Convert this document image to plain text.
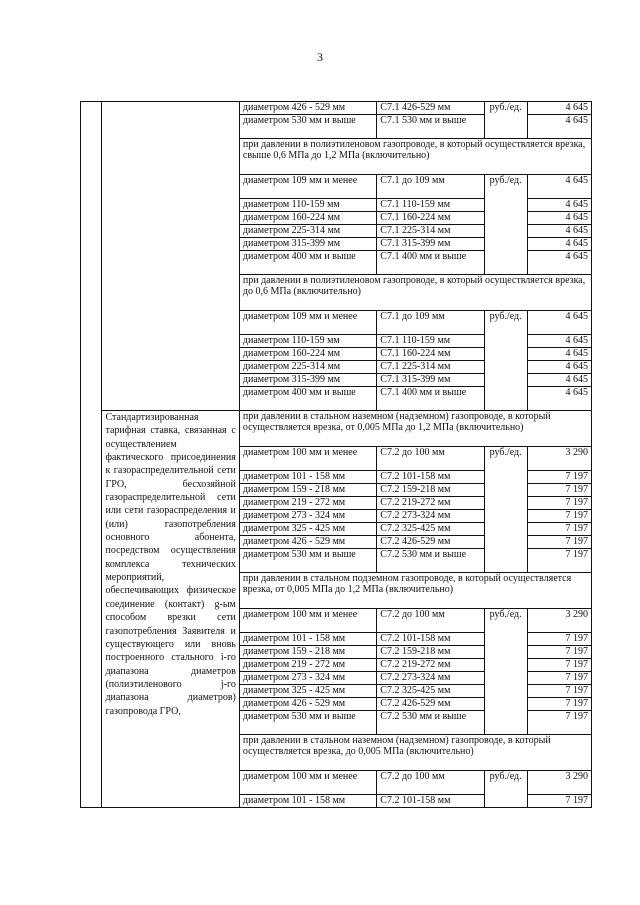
3
		диаметром 426 - 529 мм	С7.1 426-529 мм	руб./ед.	4 645
		диаметром 530 мм и выше	С7.1 530 мм и выше		4 645
		при давлении в полиэтиленовом газопроводе, в который осуществляется врезка, свыше 0,6 МПа до 1,2 МПа (включительно)			
		диаметром 109 мм и менее	С7.1 до 109 мм	руб./ед.	4 645
		диаметром 110-159 мм	С7.1 110-159 мм		4 645
		диаметром 160-224 мм	С7.1 160-224 мм		4 645
		диаметром 225-314 мм	С7.1 225-314 мм		4 645
		диаметром 315-399 мм	С7.1 315-399 мм		4 645
		диаметром 400 мм и выше	С7.1 400 мм и выше		4 645
		при давлении в полиэтиленовом газопроводе, в который осуществляется врезка, до 0,6 МПа (включительно)			
		диаметром 109 мм и менее	С7.1 до 109 мм	руб./ед.	4 645
		диаметром 110-159 мм	С7.1 110-159 мм		4 645
		диаметром 160-224 мм	С7.1 160-224 мм		4 645
		диаметром 225-314 мм	С7.1 225-314 мм		4 645
		диаметром 315-399 мм	С7.1 315-399 мм		4 645
		диаметром 400 мм и выше	С7.1 400 мм и выше		4 645
	Стандартизированная тарифная ставка, связанная с осуществлением фактического присоединения к газораспределительной сети ГРО, бесхозяйной газораспределительной сети или сети газораспределения и (или) газопотребления основного абонента, посредством осуществления комплекса технических мероприятий, обеспечивающих физическое соединение (контакт) g-ым способом врезки сети газопотребления Заявителя и существующего или вновь построенного стального i-го диапазона диаметров (полиэтиленового j-го диапазона диаметров) газопровода ГРО,	при давлении в стальном наземном (надземном) газопроводе, в который осуществляется врезка, от 0,005 МПа до 1,2 МПа (включительно)			
		диаметром 100 мм и менее	С7.2 до 100 мм	руб./ед.	3 290
		диаметром 101 - 158 мм	С7.2 101-158 мм		7 197
		диаметром 159 - 218 мм	С7.2 159-218 мм		7 197
		диаметром 219 - 272 мм	С7.2 219-272 мм		7 197
		диаметром 273 - 324 мм	С7.2 273-324 мм		7 197
		диаметром 325 - 425 мм	С7.2 325-425 мм		7 197
		диаметром 426 - 529 мм	С7.2 426-529 мм		7 197
		диаметром 530 мм и выше	С7.2 530 мм и выше		7 197
		при давлении в стальном подземном газопроводе, в который осуществляется врезка, от 0,005 МПа до 1,2 МПа (включительно)			
		диаметром 100 мм и менее	С7.2 до 100 мм	руб./ед.	3 290
		диаметром 101 - 158 мм	С7.2 101-158 мм		7 197
		диаметром 159 - 218 мм	С7.2 159-218 мм		7 197
		диаметром 219 - 272 мм	С7.2 219-272 мм		7 197
		диаметром 273 - 324 мм	С7.2 273-324 мм		7 197
		диаметром 325 - 425 мм	С7.2 325-425 мм		7 197
		диаметром 426 - 529 мм	С7.2 426-529 мм		7 197
		диаметром 530 мм и выше	С7.2 530 мм и выше		7 197
		при давлении в стальном наземном (надземном) газопроводе, в который осуществляется врезка, до 0,005 МПа (включительно)			
		диаметром 100 мм и менее	С7.2 до 100 мм	руб./ед.	3 290
		диаметром 101 - 158 мм	С7.2 101-158 мм		7 197
